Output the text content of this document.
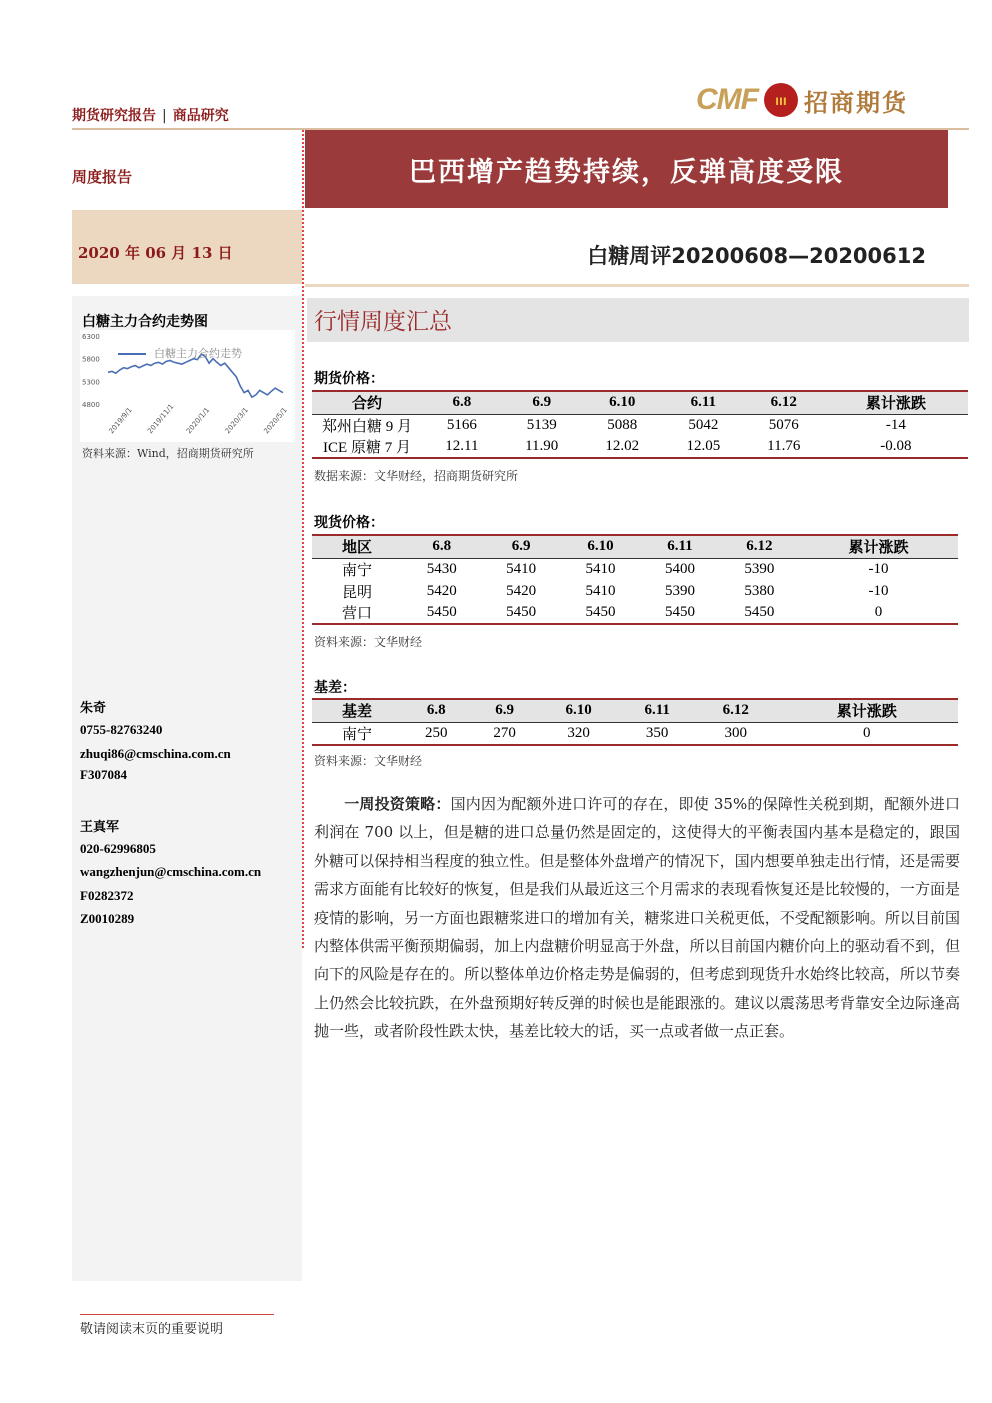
期货研究报告 | 商品研究	CMF	ııı 招商期货
周度报告	巴西增产趋势持续，反弹高度受限
2020 年 06 月 13 日	白糖周评20200608—20200612
白糖主力合约走势图
6300
5800
5300
4800
2019/9/1 2019/11/1 2020/1/1 2020/3/1 2020/5/1
白糖主力合约走势
资料来源：Wind，招商期货研究所
朱奇
0755-82763240
zhuqi86@cmschina.com.cn
F307084
王真军
020-62996805
wangzhenjun@cmschina.com.cn
F0282372
Z0010289
行情周度汇总
期货价格：
合约	6.8	6.9	6.10	6.11	6.12	累计涨跌
郑州白糖 9 月	5166	5139	5088	5042	5076	-14
ICE 原糖 7 月	12.11	11.90	12.02	12.05	11.76	-0.08
数据来源：文华财经，招商期货研究所
现货价格：
地区	6.8	6.9	6.10	6.11	6.12	累计涨跌
南宁	5430	5410	5410	5400	5390	-10
昆明	5420	5420	5410	5390	5380	-10
营口	5450	5450	5450	5450	5450	0
资料来源：文华财经
基差：
基差	6.8	6.9	6.10	6.11	6.12	累计涨跌
南宁	250	270	320	350	300	0
资料来源：文华财经
一周投资策略：国内因为配额外进口许可的存在，即使 35%的保障性关税到期，配额外进口利润在 700 以上，但是糖的进口总量仍然是固定的，这使得大的平衡表国内基本是稳定的，跟国外糖可以保持相当程度的独立性。但是整体外盘增产的情况下，国内想要单独走出行情，还是需要需求方面能有比较好的恢复，但是我们从最近这三个月需求的表现看恢复还是比较慢的，一方面是疫情的影响，另一方面也跟糖浆进口的增加有关，糖浆进口关税更低，不受配额影响。所以目前国内整体供需平衡预期偏弱，加上内盘糖价明显高于外盘，所以目前国内糖价向上的驱动看不到，但向下的风险是存在的。所以整体单边价格走势是偏弱的，但考虑到现货升水始终比较高，所以节奏上仍然会比较抗跌，在外盘预期好转反弹的时候也是能跟涨的。建议以震荡思考背靠安全边际逢高抛一些，或者阶段性跌太快，基差比较大的话，买一点或者做一点正套。
敬请阅读末页的重要说明
